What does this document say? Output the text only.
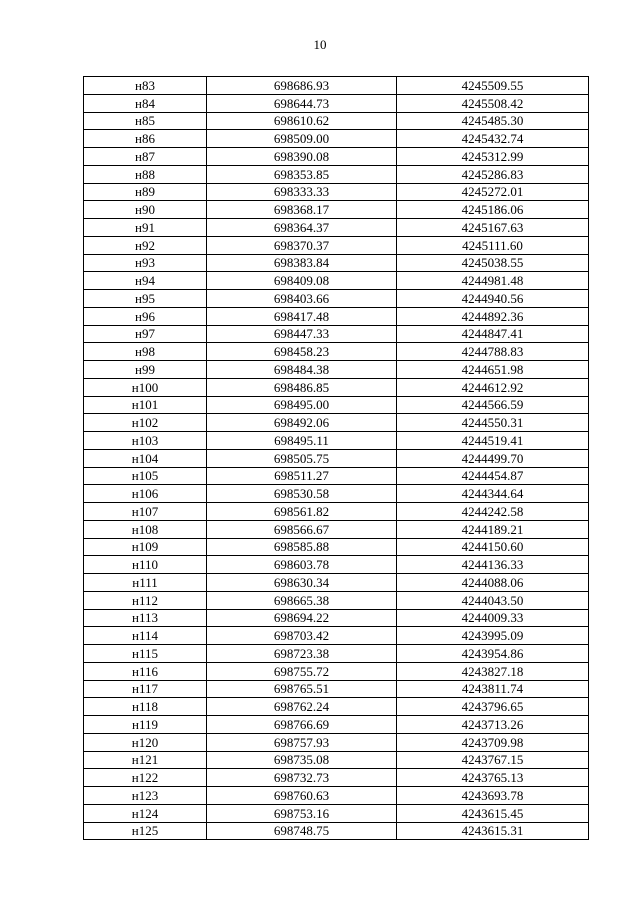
10
н83	698686.93	4245509.55
н84	698644.73	4245508.42
н85	698610.62	4245485.30
н86	698509.00	4245432.74
н87	698390.08	4245312.99
н88	698353.85	4245286.83
н89	698333.33	4245272.01
н90	698368.17	4245186.06
н91	698364.37	4245167.63
н92	698370.37	4245111.60
н93	698383.84	4245038.55
н94	698409.08	4244981.48
н95	698403.66	4244940.56
н96	698417.48	4244892.36
н97	698447.33	4244847.41
н98	698458.23	4244788.83
н99	698484.38	4244651.98
н100	698486.85	4244612.92
н101	698495.00	4244566.59
н102	698492.06	4244550.31
н103	698495.11	4244519.41
н104	698505.75	4244499.70
н105	698511.27	4244454.87
н106	698530.58	4244344.64
н107	698561.82	4244242.58
н108	698566.67	4244189.21
н109	698585.88	4244150.60
н110	698603.78	4244136.33
н111	698630.34	4244088.06
н112	698665.38	4244043.50
н113	698694.22	4244009.33
н114	698703.42	4243995.09
н115	698723.38	4243954.86
н116	698755.72	4243827.18
н117	698765.51	4243811.74
н118	698762.24	4243796.65
н119	698766.69	4243713.26
н120	698757.93	4243709.98
н121	698735.08	4243767.15
н122	698732.73	4243765.13
н123	698760.63	4243693.78
н124	698753.16	4243615.45
н125	698748.75	4243615.31
